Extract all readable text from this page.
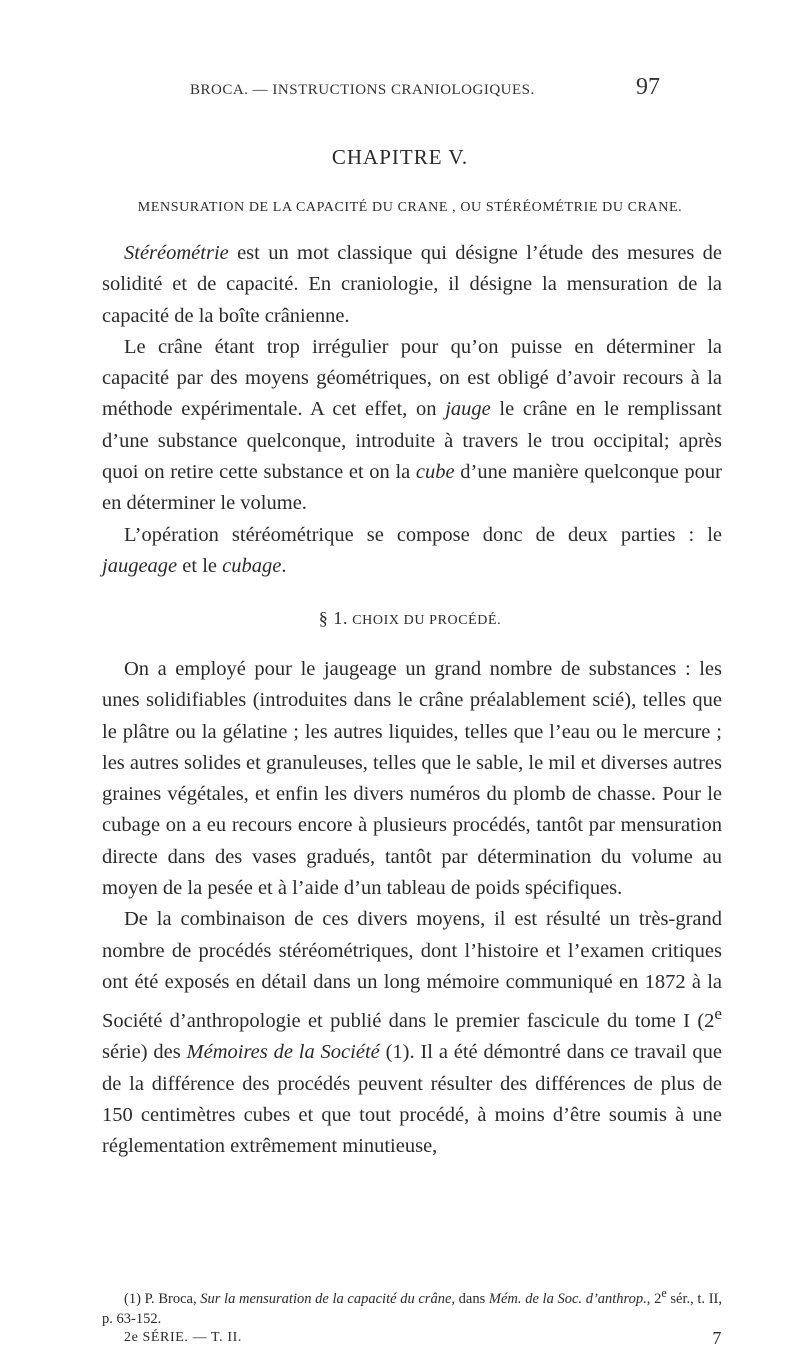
BROCA. — INSTRUCTIONS CRANIOLOGIQUES.	97
CHAPITRE V.
MENSURATION DE LA CAPACITÉ DU CRANE , OU STÉRÉOMÉTRIE DU CRANE.

Stéréométrie est un mot classique qui désigne l’étude des mesures de solidité et de capacité. En craniologie, il désigne la mensuration de la capacité de la boîte crânienne.

Le crâne étant trop irrégulier pour qu’on puisse en déterminer la capacité par des moyens géométriques, on est obligé d’avoir recours à la méthode expérimentale. A cet effet, on jauge le crâne en le remplissant d’une substance quelconque, introduite à travers le trou occipital; après quoi on retire cette substance et on la cube d’une manière quelconque pour en déterminer le volume.

L’opération stéréométrique se compose donc de deux parties : le jaugeage et le cubage.

§ 1. CHOIX DU PROCÉDÉ.

On a employé pour le jaugeage un grand nombre de substances : les unes solidifiables (introduites dans le crâne préalablement scié), telles que le plâtre ou la gélatine ; les autres liquides, telles que l’eau ou le mercure ; les autres solides et granuleuses, telles que le sable, le mil et diverses autres graines végétales, et enfin les divers numéros du plomb de chasse. Pour le cubage on a eu recours encore à plusieurs procédés, tantôt par mensuration directe dans des vases gradués, tantôt par détermination du volume au moyen de la pesée et à l’aide d’un tableau de poids spécifiques.

De la combinaison de ces divers moyens, il est résulté un très-grand nombre de procédés stéréométriques, dont l’histoire et l’examen critiques ont été exposés en détail dans un long mémoire communiqué en 1872 à la Société d’anthropologie et publié dans le premier fascicule du tome I (2e série) des Mémoires de la Société (1). Il a été démontré dans ce travail que de la différence des procédés peuvent résulter des différences de plus de 150 centimètres cubes et que tout procédé, à moins d’être soumis à une réglementation extrêmement minutieuse,

(1) P. Broca, Sur la mensuration de la capacité du crâne, dans Mém. de la Soc. d’anthrop., 2e sér., t. II, p. 63-152.

2e SÉRIE. — T. II.	7
